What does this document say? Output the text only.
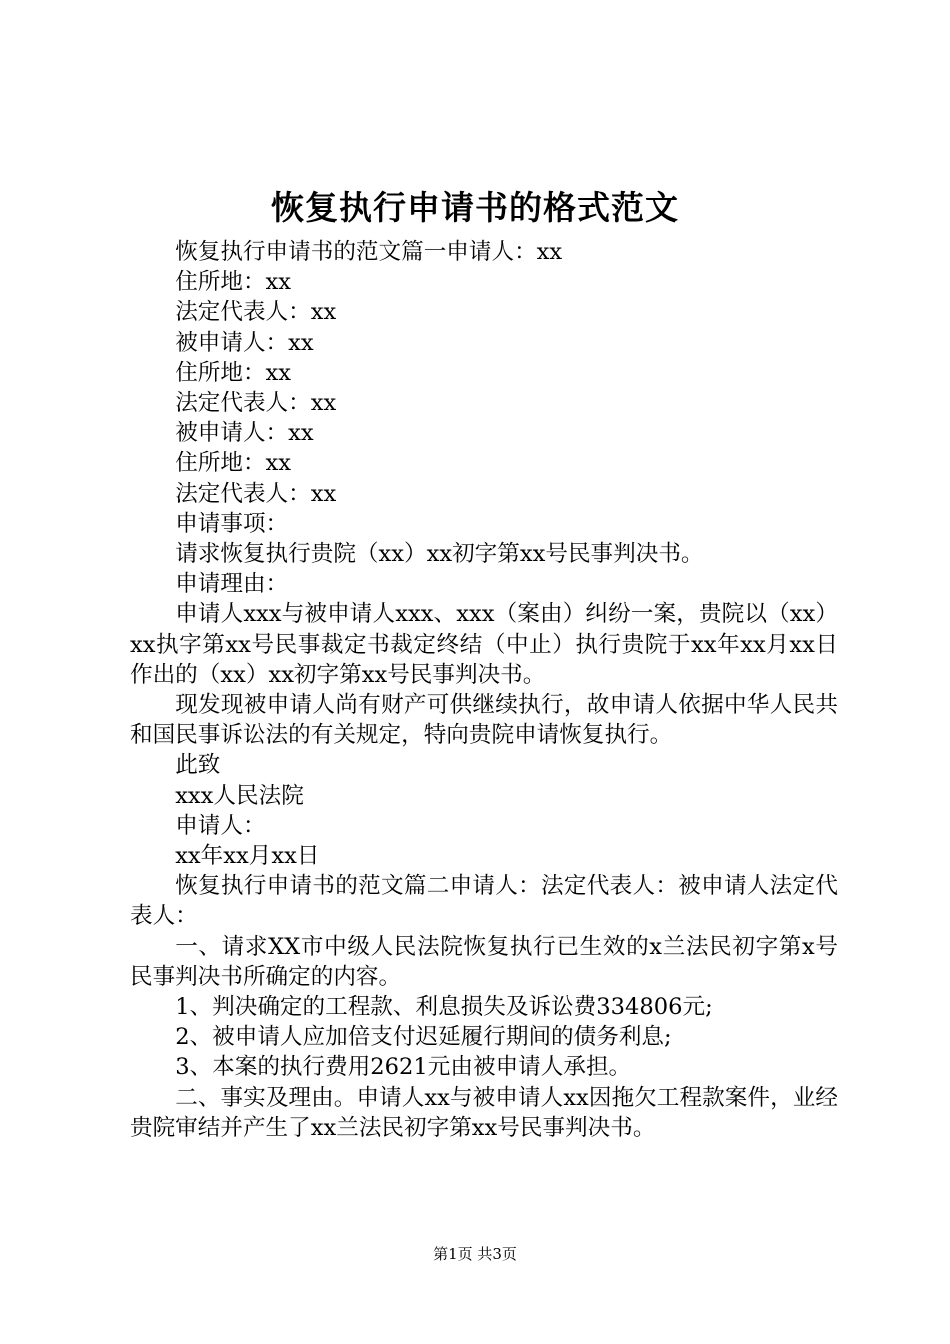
恢复执行申请书的格式范文

恢复执行申请书的范文篇一申请人：xx

住所地：xx

法定代表人：xx

被申请人：xx

住所地：xx

法定代表人：xx

被申请人：xx

住所地：xx

法定代表人：xx

申请事项：

请求恢复执行贵院（xx）xx初字第xx号民事判决书。

申请理由：

申请人xxx与被申请人xxx、xxx（案由）纠纷一案，贵院以（xx）xx执字第xx号民事裁定书裁定终结（中止）执行贵院于xx年xx月xx日作出的（xx）xx初字第xx号民事判决书。

现发现被申请人尚有财产可供继续执行，故申请人依据中华人民共和国民事诉讼法的有关规定，特向贵院申请恢复执行。

此致

xxx人民法院

申请人：

xx年xx月xx日

恢复执行申请书的范文篇二申请人：法定代表人：被申请人法定代表人：

一、请求XX市中级人民法院恢复执行已生效的x兰法民初字第x号民事判决书所确定的内容。

1、判决确定的工程款、利息损失及诉讼费334806元;

2、被申请人应加倍支付迟延履行期间的债务利息;

3、本案的执行费用2621元由被申请人承担。

二、事实及理由。申请人xx与被申请人xx因拖欠工程款案件，业经贵院审结并产生了xx兰法民初字第xx号民事判决书。

第1页 共3页
